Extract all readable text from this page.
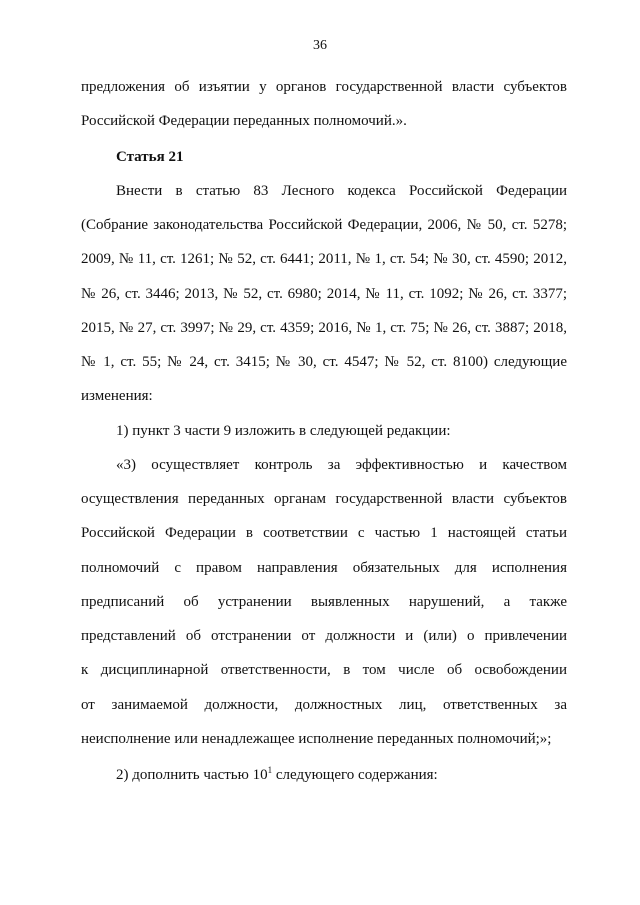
36
предложения об изъятии у органов государственной власти субъектов
Российской Федерации переданных полномочий.».
Статья 21
Внести в статью 83 Лесного кодекса Российской Федерации
(Собрание законодательства Российской Федерации, 2006, № 50, ст. 5278;
2009, № 11, ст. 1261; № 52, ст. 6441; 2011, № 1, ст. 54; № 30, ст. 4590; 2012,
№ 26, ст. 3446; 2013, № 52, ст. 6980; 2014, № 11, ст. 1092; № 26, ст. 3377;
2015, № 27, ст. 3997; № 29, ст. 4359; 2016, № 1, ст. 75; № 26, ст. 3887; 2018,
№ 1, ст. 55; № 24, ст. 3415; № 30, ст. 4547; № 52, ст. 8100) следующие
изменения:
1) пункт 3 части 9 изложить в следующей редакции:
«3) осуществляет контроль за эффективностью и качеством
осуществления переданных органам государственной власти субъектов
Российской Федерации в соответствии с частью 1 настоящей статьи
полномочий с правом направления обязательных для исполнения
предписаний об устранении выявленных нарушений, а также
представлений об отстранении от должности и (или) о привлечении
к дисциплинарной ответственности, в том числе об освобождении
от занимаемой должности, должностных лиц, ответственных за
неисполнение или ненадлежащее исполнение переданных полномочий;»;
2) дополнить частью $10^1$ следующего содержания:
